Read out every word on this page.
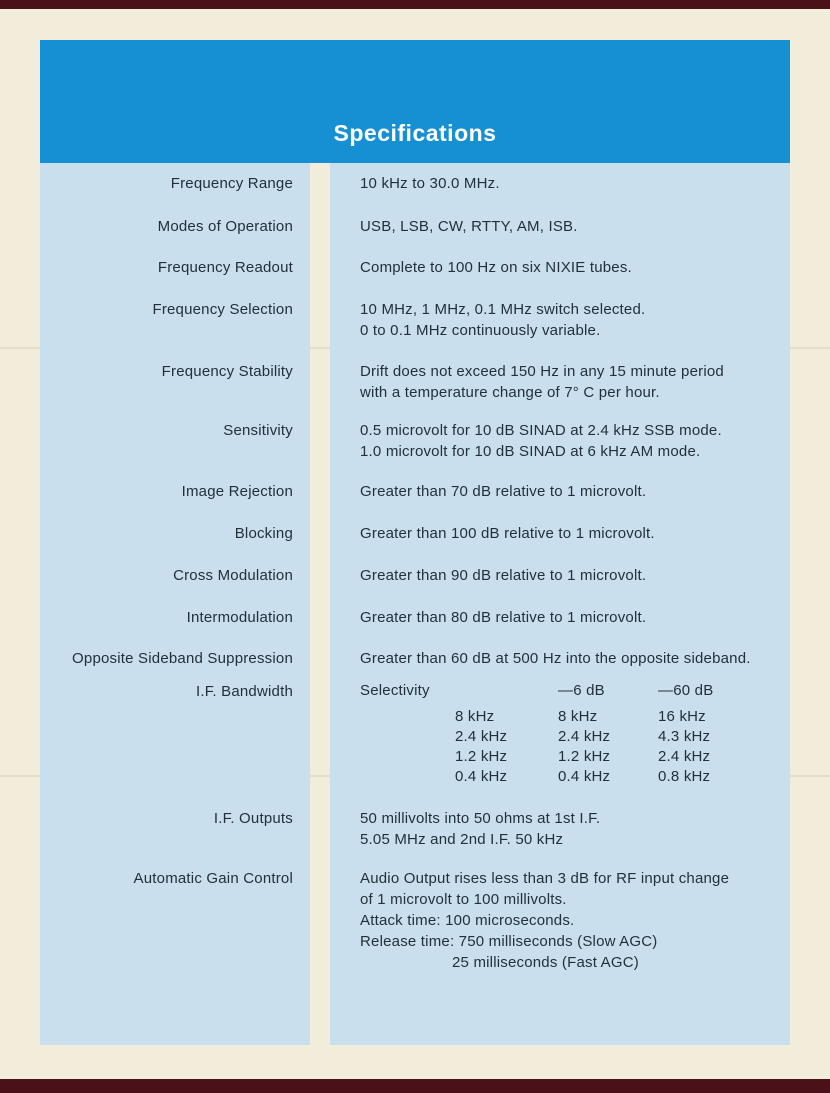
Specifications
Frequency Range	10 kHz to 30.0 MHz.
Modes of Operation	USB, LSB, CW, RTTY, AM, ISB.
Frequency Readout	Complete to 100 Hz on six NIXIE tubes.
Frequency Selection	10 MHz, 1 MHz, 0.1 MHz switch selected.
0 to 0.1 MHz continuously variable.
Frequency Stability	Drift does not exceed 150 Hz in any 15 minute period
with a temperature change of 7° C per hour.
Sensitivity	0.5 microvolt for 10 dB SINAD at 2.4 kHz SSB mode.
1.0 microvolt for 10 dB SINAD at 6 kHz AM mode.
Image Rejection	Greater than 70 dB relative to 1 microvolt.
Blocking	Greater than 100 dB relative to 1 microvolt.
Cross Modulation	Greater than 90 dB relative to 1 microvolt.
Intermodulation	Greater than 80 dB relative to 1 microvolt.
Opposite Sideband Suppression	Greater than 60 dB at 500 Hz into the opposite sideband.
I.F. Bandwidth	Selectivity	—6 dB	—60 dB
8 kHz	8 kHz	16 kHz
2.4 kHz	2.4 kHz	4.3 kHz
1.2 kHz	1.2 kHz	2.4 kHz
0.4 kHz	0.4 kHz	0.8 kHz
I.F. Outputs	50 millivolts into 50 ohms at 1st I.F.
5.05 MHz and 2nd I.F. 50 kHz
Automatic Gain Control	Audio Output rises less than 3 dB for RF input change
of 1 microvolt to 100 millivolts.
Attack time: 100 microseconds.
Release time: 750 milliseconds (Slow AGC)
25 milliseconds (Fast AGC)
